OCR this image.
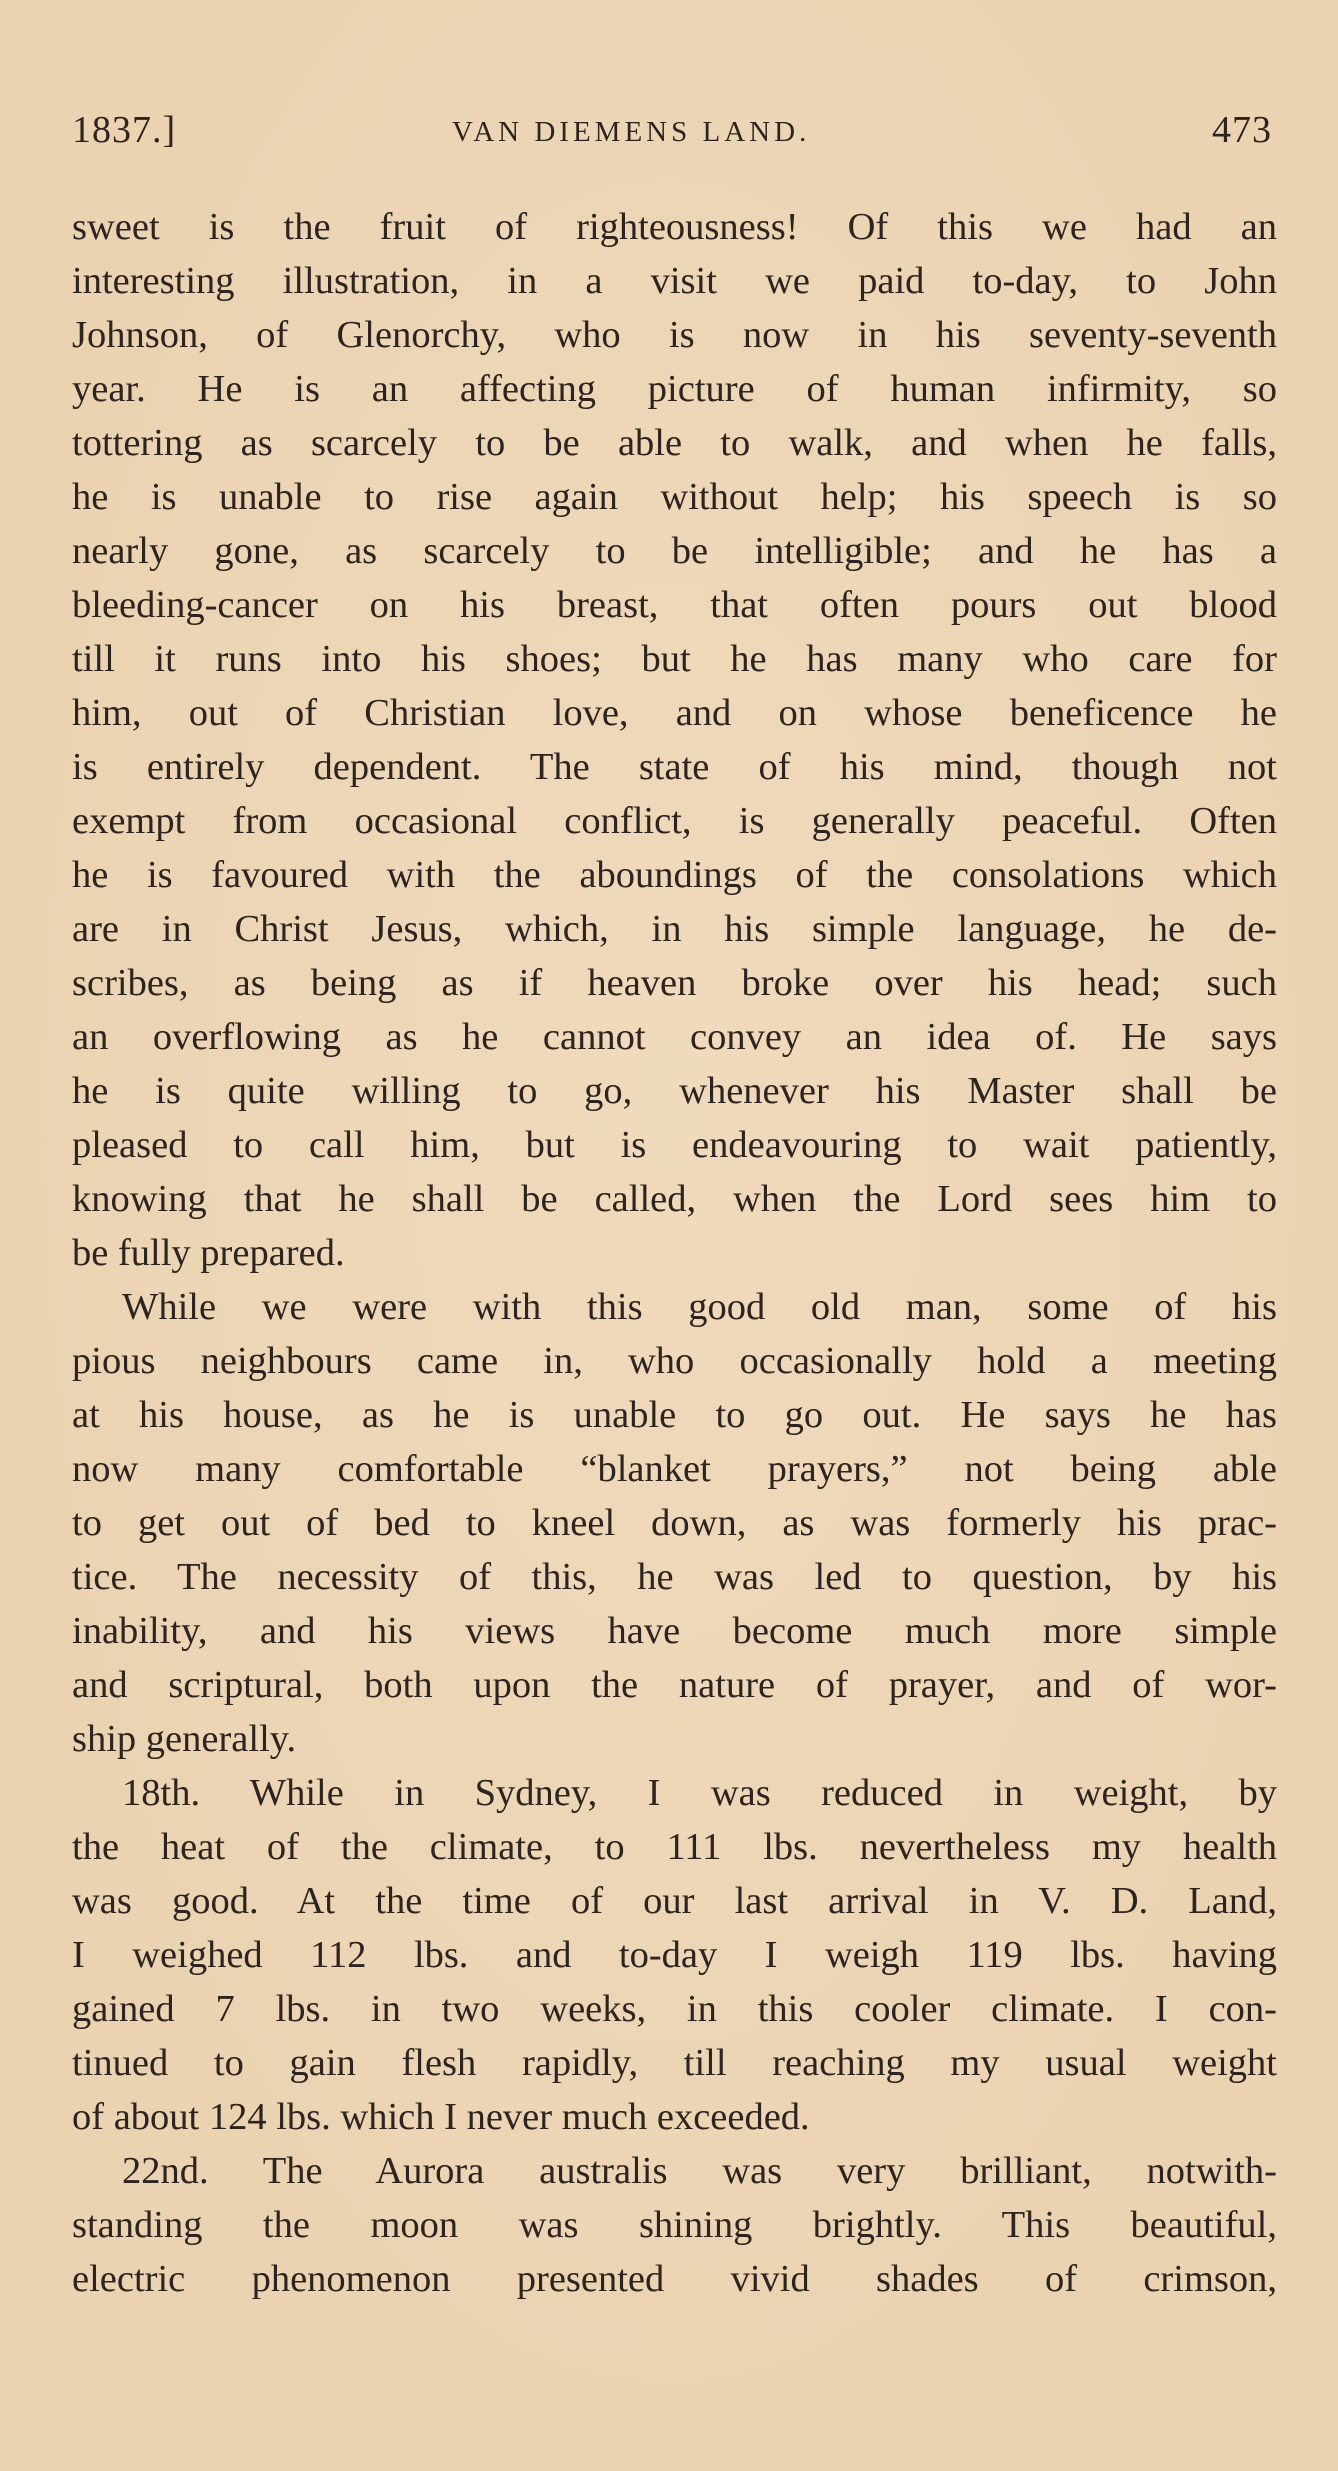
1837.]	VAN DIEMENS LAND.	473
sweet is the fruit of righteousness! Of this we had an
interesting illustration, in a visit we paid to-day, to John
Johnson, of Glenorchy, who is now in his seventy-seventh
year. He is an affecting picture of human infirmity, so
tottering as scarcely to be able to walk, and when he falls,
he is unable to rise again without help; his speech is so
nearly gone, as scarcely to be intelligible; and he has a
bleeding-cancer on his breast, that often pours out blood
till it runs into his shoes; but he has many who care for
him, out of Christian love, and on whose beneficence he
is entirely dependent. The state of his mind, though not
exempt from occasional conflict, is generally peaceful. Often
he is favoured with the aboundings of the consolations which
are in Christ Jesus, which, in his simple language, he de-
scribes, as being as if heaven broke over his head; such
an overflowing as he cannot convey an idea of. He says
he is quite willing to go, whenever his Master shall be
pleased to call him, but is endeavouring to wait patiently,
knowing that he shall be called, when the Lord sees him to
be fully prepared.
While we were with this good old man, some of his
pious neighbours came in, who occasionally hold a meeting
at his house, as he is unable to go out. He says he has
now many comfortable “blanket prayers,” not being able
to get out of bed to kneel down, as was formerly his prac-
tice. The necessity of this, he was led to question, by his
inability, and his views have become much more simple
and scriptural, both upon the nature of prayer, and of wor-
ship generally.
18th. While in Sydney, I was reduced in weight, by
the heat of the climate, to 111 lbs. nevertheless my health
was good. At the time of our last arrival in V. D. Land,
I weighed 112 lbs. and to-day I weigh 119 lbs. having
gained 7 lbs. in two weeks, in this cooler climate. I con-
tinued to gain flesh rapidly, till reaching my usual weight
of about 124 lbs. which I never much exceeded.
22nd. The Aurora australis was very brilliant, notwith-
standing the moon was shining brightly. This beautiful,
electric phenomenon presented vivid shades of crimson,
